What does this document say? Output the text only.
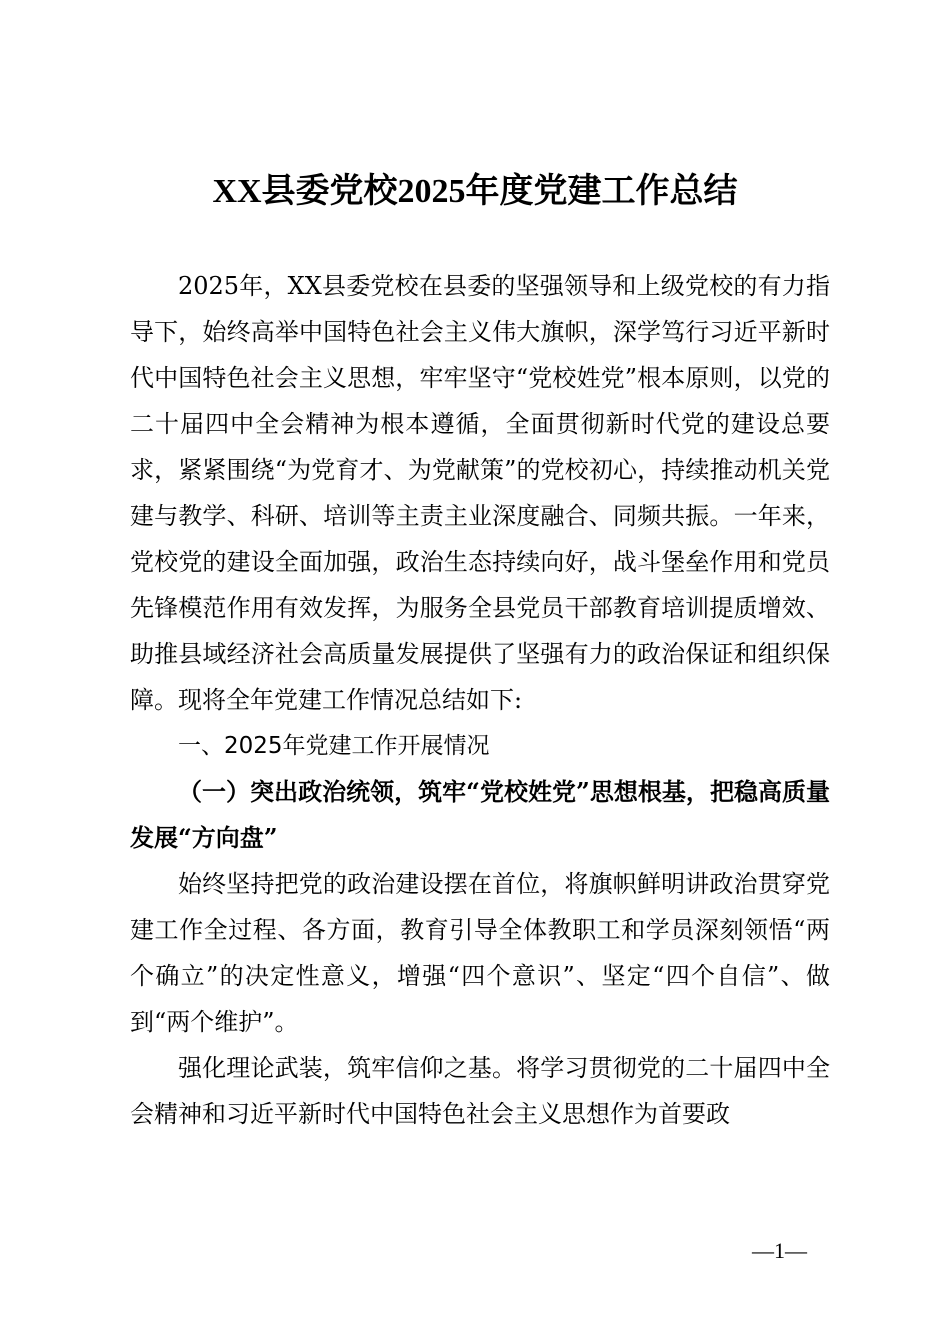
XX县委党校2025年度党建工作总结

2025年，XX县委党校在县委的坚强领导和上级党校的有力指导下，始终高举中国特色社会主义伟大旗帜，深学笃行习近平新时代中国特色社会主义思想，牢牢坚守“党校姓党”根本原则，以党的二十届四中全会精神为根本遵循，全面贯彻新时代党的建设总要求，紧紧围绕“为党育才、为党献策”的党校初心，持续推动机关党建与教学、科研、培训等主责主业深度融合、同频共振。一年来，党校党的建设全面加强，政治生态持续向好，战斗堡垒作用和党员先锋模范作用有效发挥，为服务全县党员干部教育培训提质增效、助推县域经济社会高质量发展提供了坚强有力的政治保证和组织保障。现将全年党建工作情况总结如下:

一、2025年党建工作开展情况

（一）突出政治统领，筑牢“党校姓党”思想根基，把稳高质量发展“方向盘”

始终坚持把党的政治建设摆在首位，将旗帜鲜明讲政治贯穿党建工作全过程、各方面，教育引导全体教职工和学员深刻领悟“两个确立”的决定性意义，增强“四个意识”、坚定“四个自信”、做到“两个维护”。

强化理论武装，筑牢信仰之基。将学习贯彻党的二十届四中全会精神和习近平新时代中国特色社会主义思想作为首要政

—1—
